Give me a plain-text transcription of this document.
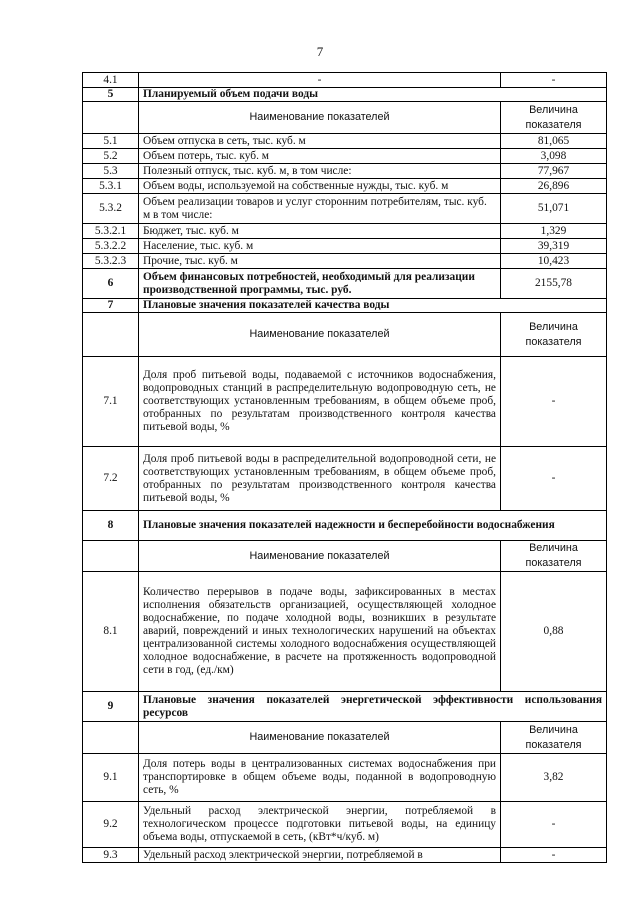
7
4.1	-	-
5	Планируемый объем подачи воды	
	Наименование показателей	Величина
показателя
5.1	Объем отпуска в сеть, тыс. куб. м	81,065
5.2	Объем потерь, тыс. куб. м	3,098
5.3	Полезный отпуск, тыс. куб. м, в том числе:	77,967
5.3.1	Объем воды, используемой на собственные нужды, тыс. куб. м	26,896
5.3.2	Объем реализации товаров и услуг сторонним потребителям, тыс. куб. м в том числе:	51,071
5.3.2.1	Бюджет, тыс. куб. м	1,329
5.3.2.2	Население, тыс. куб. м	39,319
5.3.2.3	Прочие, тыс. куб. м	10,423
6	Объем финансовых потребностей, необходимый для реализации производственной программы, тыс. руб.	2155,78
7	Плановые значения показателей качества воды	
	Наименование показателей	Величина
показателя
7.1	Доля проб питьевой воды, подаваемой с источников водоснабжения, водопроводных станций в распределительную водопроводную сеть, не соответствующих установленным требованиям, в общем объеме проб, отобранных по результатам производственного контроля качества питьевой воды, %	-
7.2	Доля проб питьевой воды в распределительной водопроводной сети, не соответствующих установленным требованиям, в общем объеме проб, отобранных по результатам производственного контроля качества питьевой воды, %	-
8	Плановые значения показателей надежности и бесперебойности водоснабжения	
	Наименование показателей	Величина
показателя
8.1	Количество перерывов в подаче воды, зафиксированных в местах исполнения обязательств организацией, осуществляющей холодное водоснабжение, по подаче холодной воды, возникших в результате аварий, повреждений и иных технологических нарушений на объектах централизованной системы холодного водоснабжения осуществляющей холодное водоснабжение, в расчете на протяженность водопроводной сети в год, (ед./км)	0,88
9	Плановые значения показателей энергетической эффективности использования ресурсов	
	Наименование показателей	Величина
показателя
9.1	Доля потерь воды в централизованных системах водоснабжения при транспортировке в общем объеме воды, поданной в водопроводную сеть, %	3,82
9.2	Удельный расход электрической энергии, потребляемой в технологическом процессе подготовки питьевой воды, на единицу объема воды, отпускаемой в сеть, (кВт*ч/куб. м)	-
9.3	Удельный расход электрической энергии, потребляемой в	-
